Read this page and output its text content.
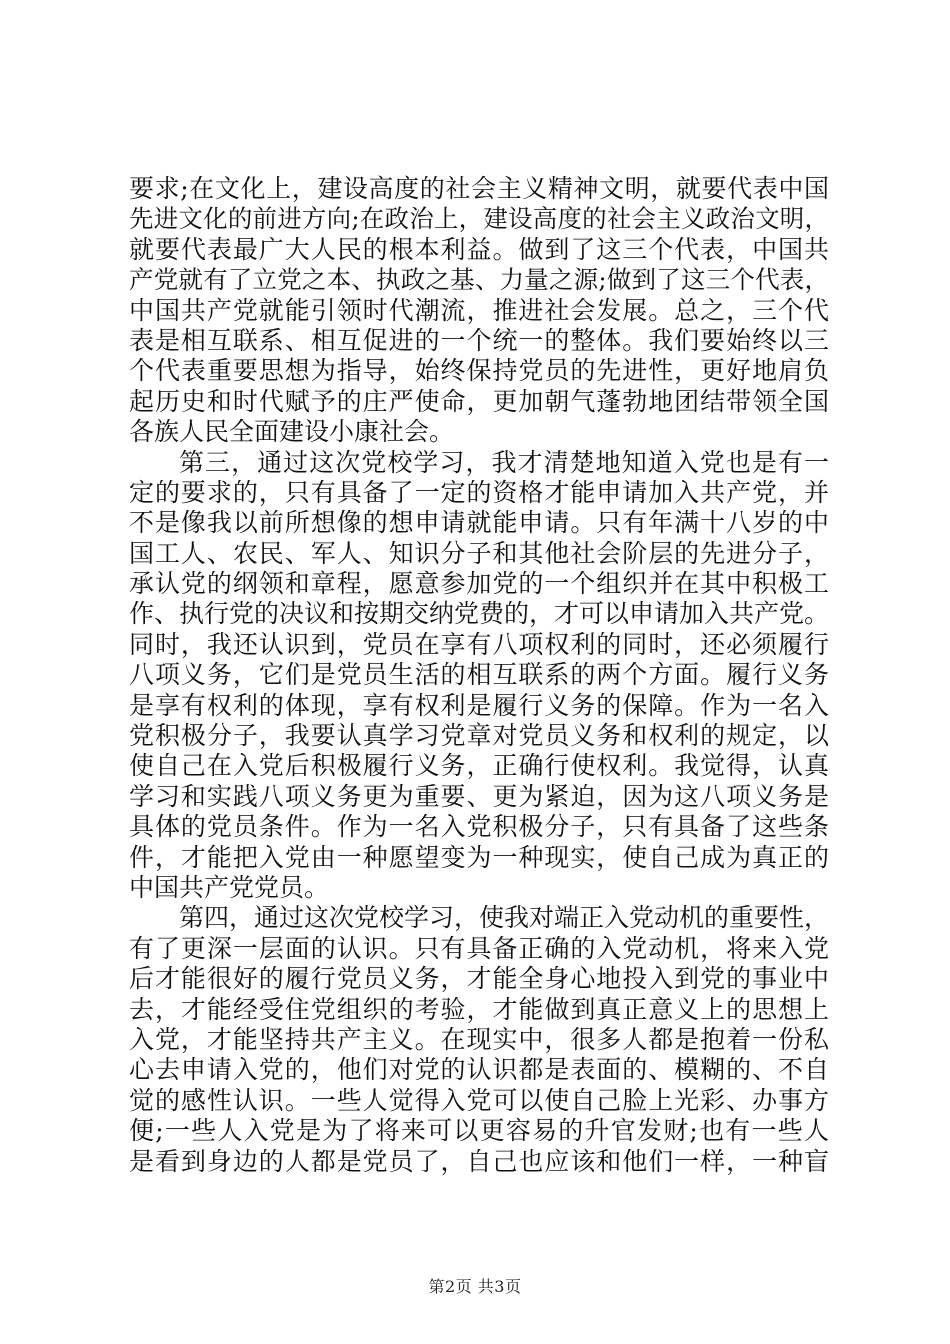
要求;在文化上，建设高度的社会主义精神文明，就要代表中国
先进文化的前进方向;在政治上，建设高度的社会主义政治文明，
就要代表最广大人民的根本利益。做到了这三个代表，中国共
产党就有了立党之本、执政之基、力量之源;做到了这三个代表，
中国共产党就能引领时代潮流，推进社会发展。总之，三个代
表是相互联系、相互促进的一个统一的整体。我们要始终以三
个代表重要思想为指导，始终保持党员的先进性，更好地肩负
起历史和时代赋予的庄严使命，更加朝气蓬勃地团结带领全国
各族人民全面建设小康社会。
第三，通过这次党校学习，我才清楚地知道入党也是有一
定的要求的，只有具备了一定的资格才能申请加入共产党，并
不是像我以前所想像的想申请就能申请。只有年满十八岁的中
国工人、农民、军人、知识分子和其他社会阶层的先进分子，
承认党的纲领和章程，愿意参加党的一个组织并在其中积极工
作、执行党的决议和按期交纳党费的，才可以申请加入共产党。
同时，我还认识到，党员在享有八项权利的同时，还必须履行
八项义务，它们是党员生活的相互联系的两个方面。履行义务
是享有权利的体现，享有权利是履行义务的保障。作为一名入
党积极分子，我要认真学习党章对党员义务和权利的规定，以
使自己在入党后积极履行义务，正确行使权利。我觉得，认真
学习和实践八项义务更为重要、更为紧迫，因为这八项义务是
具体的党员条件。作为一名入党积极分子，只有具备了这些条
件，才能把入党由一种愿望变为一种现实，使自己成为真正的
中国共产党党员。
第四，通过这次党校学习，使我对端正入党动机的重要性，
有了更深一层面的认识。只有具备正确的入党动机，将来入党
后才能很好的履行党员义务，才能全身心地投入到党的事业中
去，才能经受住党组织的考验，才能做到真正意义上的思想上
入党，才能坚持共产主义。在现实中，很多人都是抱着一份私
心去申请入党的，他们对党的认识都是表面的、模糊的、不自
觉的感性认识。一些人觉得入党可以使自己脸上光彩、办事方
便;一些人入党是为了将来可以更容易的升官发财;也有一些人
是看到身边的人都是党员了，自己也应该和他们一样，一种盲
第2页 共3页
